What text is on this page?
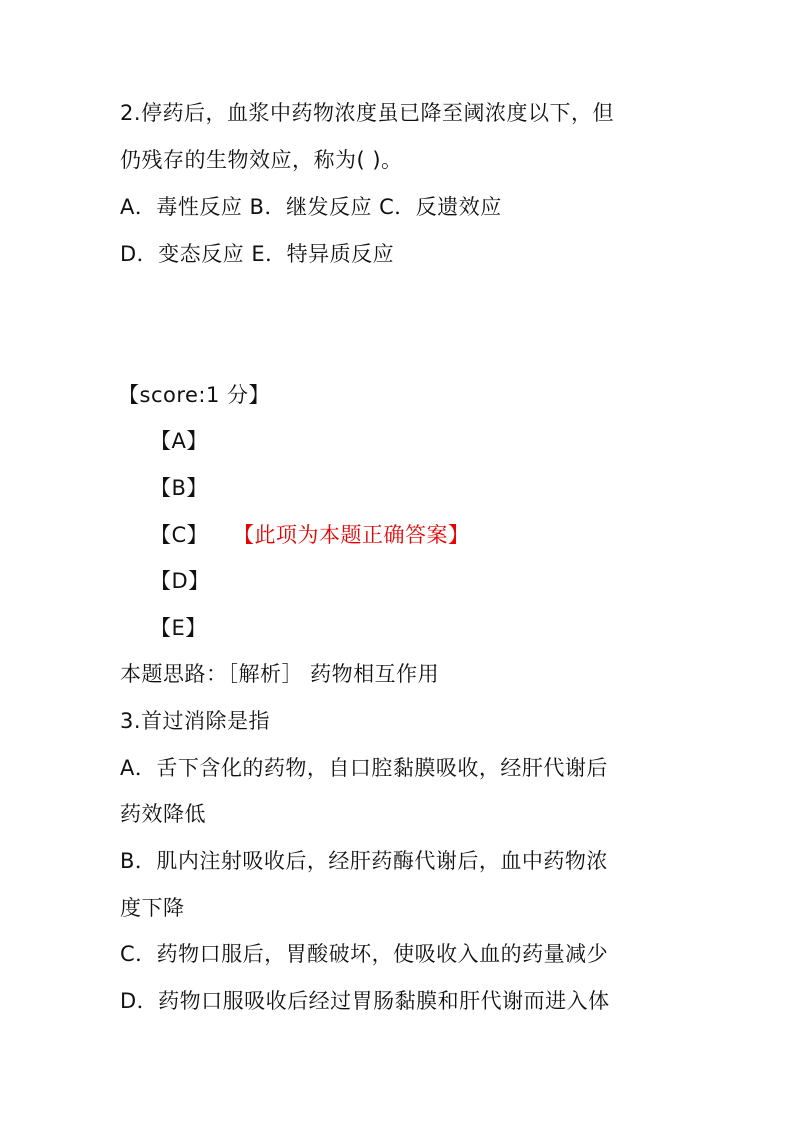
2.停药后，血浆中药物浓度虽已降至阈浓度以下，但
仍残存的生物效应，称为( )。
A．毒性反应 B．继发反应 C．反遗效应
D．变态反应 E．特异质反应
【score:1 分】
【A】
【B】
【C】 【此项为本题正确答案】
【D】
【E】
本题思路：［解析］ 药物相互作用
3.首过消除是指
A．舌下含化的药物，自口腔黏膜吸收，经肝代谢后
药效降低
B．肌内注射吸收后，经肝药酶代谢后，血中药物浓
度下降
C．药物口服后，胃酸破坏，使吸收入血的药量减少
D．药物口服吸收后经过胃肠黏膜和肝代谢而进入体
